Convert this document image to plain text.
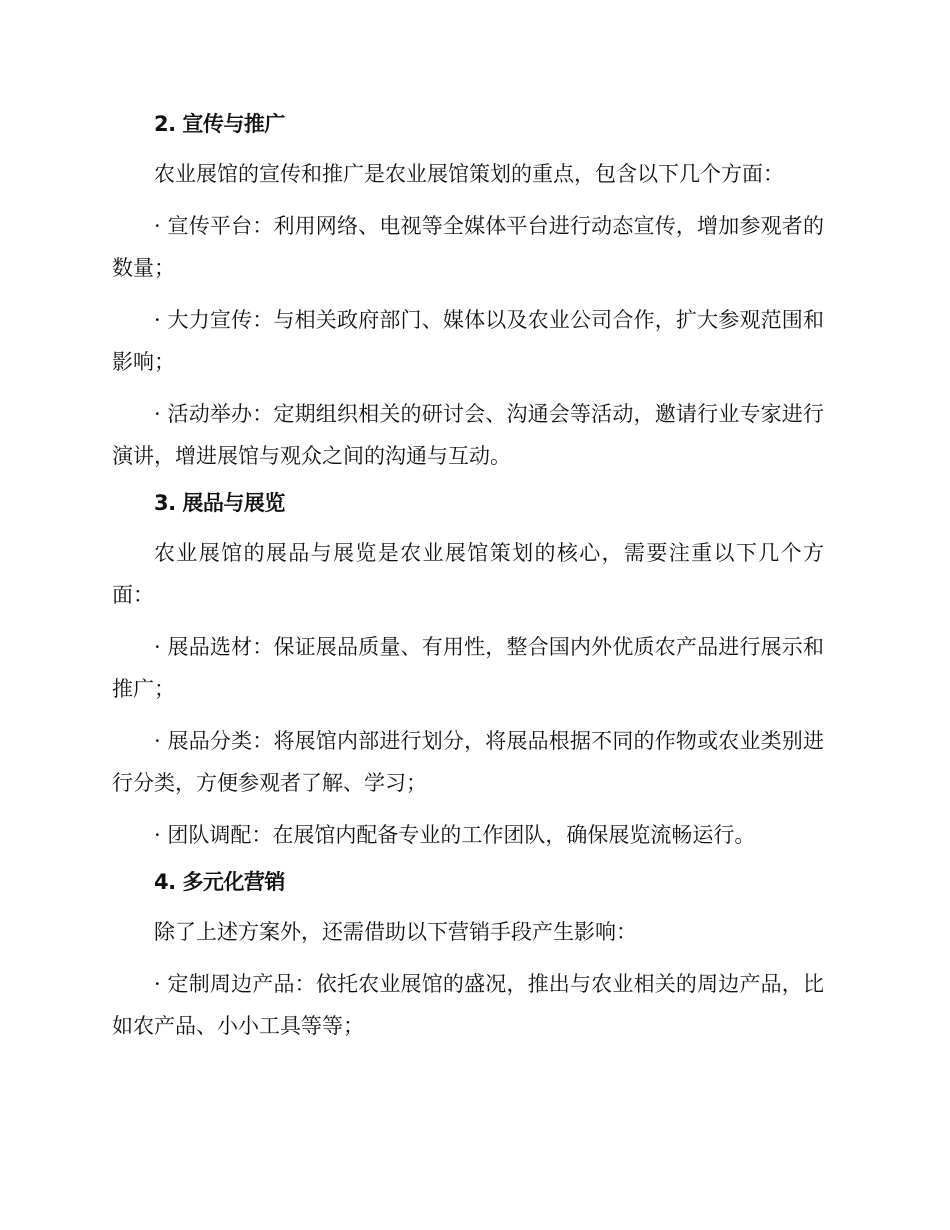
2. 宣传与推广

农业展馆的宣传和推广是农业展馆策划的重点，包含以下几个方面：

· 宣传平台：利用网络、电视等全媒体平台进行动态宣传，增加参观者的数量；

· 大力宣传：与相关政府部门、媒体以及农业公司合作，扩大参观范围和影响；

· 活动举办：定期组织相关的研讨会、沟通会等活动，邀请行业专家进行演讲，增进展馆与观众之间的沟通与互动。

3. 展品与展览

农业展馆的展品与展览是农业展馆策划的核心，需要注重以下几个方面：

· 展品选材：保证展品质量、有用性，整合国内外优质农产品进行展示和推广；

· 展品分类：将展馆内部进行划分，将展品根据不同的作物或农业类别进行分类，方便参观者了解、学习；

· 团队调配：在展馆内配备专业的工作团队，确保展览流畅运行。

4. 多元化营销

除了上述方案外，还需借助以下营销手段产生影响：

· 定制周边产品：依托农业展馆的盛况，推出与农业相关的周边产品，比如农产品、小小工具等等；
